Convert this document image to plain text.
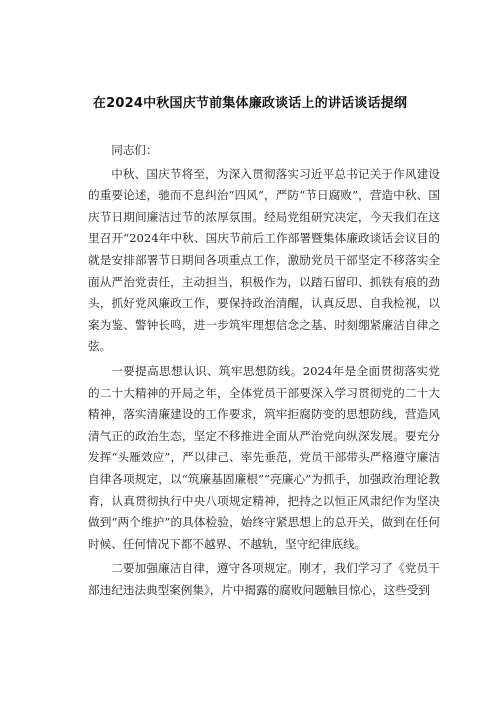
在2024中秋国庆节前集体廉政谈话上的讲话谈话提纲

同志们：

中秋、国庆节将至，为深入贯彻落实习近平总书记关于作风建设的重要论述，驰而不息纠治“四风”，严防“节日腐败”，营造中秋、国庆节日期间廉洁过节的浓厚氛围。经局党组研究决定，今天我们在这里召开“2024年中秋、国庆节前后工作部署暨集体廉政谈话会议目的就是安排部署节日期间各项重点工作，激励党员干部坚定不移落实全面从严治党责任，主动担当，积极作为，以踏石留印、抓铁有痕的劲头，抓好党风廉政工作，要保持政治清醒，认真反思、自我检视，以案为鉴、警钟长鸣，进一步筑牢理想信念之基、时刻绷紧廉洁自律之弦。

一要提高思想认识、筑牢思想防线。2024年是全面贯彻落实党的二十大精神的开局之年，全体党员干部要深入学习贯彻党的二十大精神，落实清廉建设的工作要求，筑牢拒腐防变的思想防线，营造风清气正的政治生态，坚定不移推进全面从严治党向纵深发展。要充分发挥“头雁效应”，严以律己、率先垂范，党员干部带头严格遵守廉洁自律各项规定，以“筑廉基固廉根”“亮廉心”为抓手，加强政治理论教育，认真贯彻执行中央八项规定精神，把持之以恒正风肃纪作为坚决做到“两个维护”的具体检验，始终守紧思想上的总开关，做到在任何时候、任何情况下都不越界、不越轨，坚守纪律底线。

二要加强廉洁自律，遵守各项规定。刚才，我们学习了《党员干部违纪违法典型案例集》，片中揭露的腐败问题触目惊心，这些受到
